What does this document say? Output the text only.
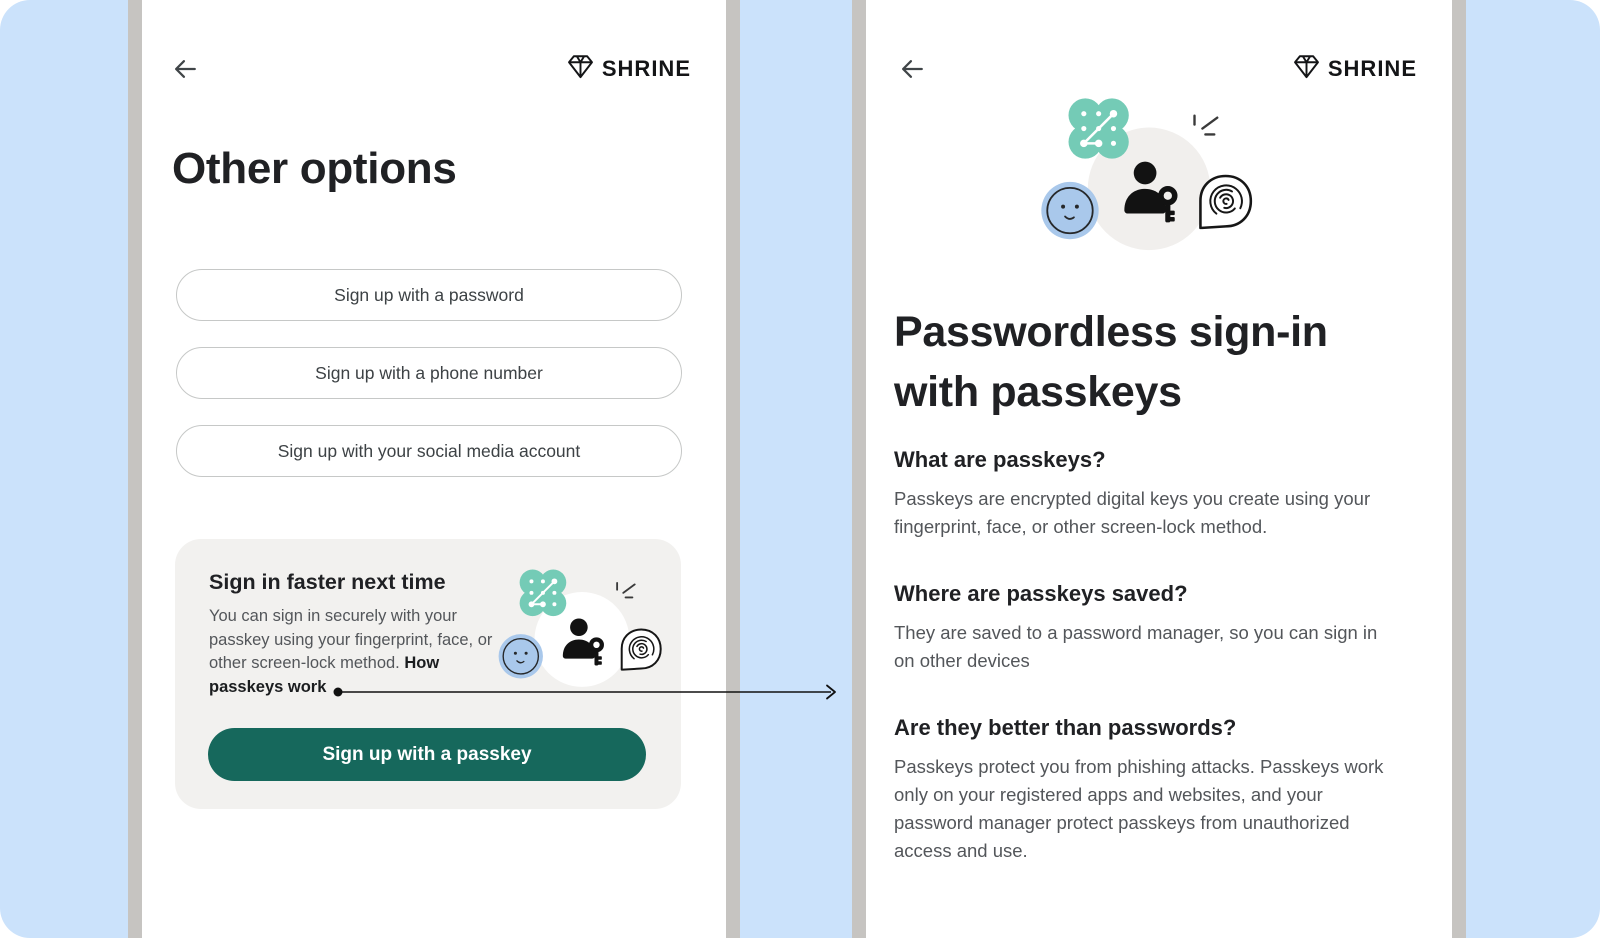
SHRINE
Other options
Sign up with a password
Sign up with a phone number
Sign up with your social media account
Sign in faster next time

You can sign in securely with your passkey using your fingerprint, face, or other screen-lock method. How passkeys work

Sign up with a passkey
SHRINE
Passwordless sign-in
with passkeys
What are passkeys?

Passkeys are encrypted digital keys you create using your fingerprint, face, or other screen-lock method.

Where are passkeys saved?

They are saved to a password manager, so you can sign in on other devices

Are they better than passwords?

Passkeys protect you from phishing attacks. Passkeys work only on your registered apps and websites, and your password manager protect passkeys from unauthorized access and use.
